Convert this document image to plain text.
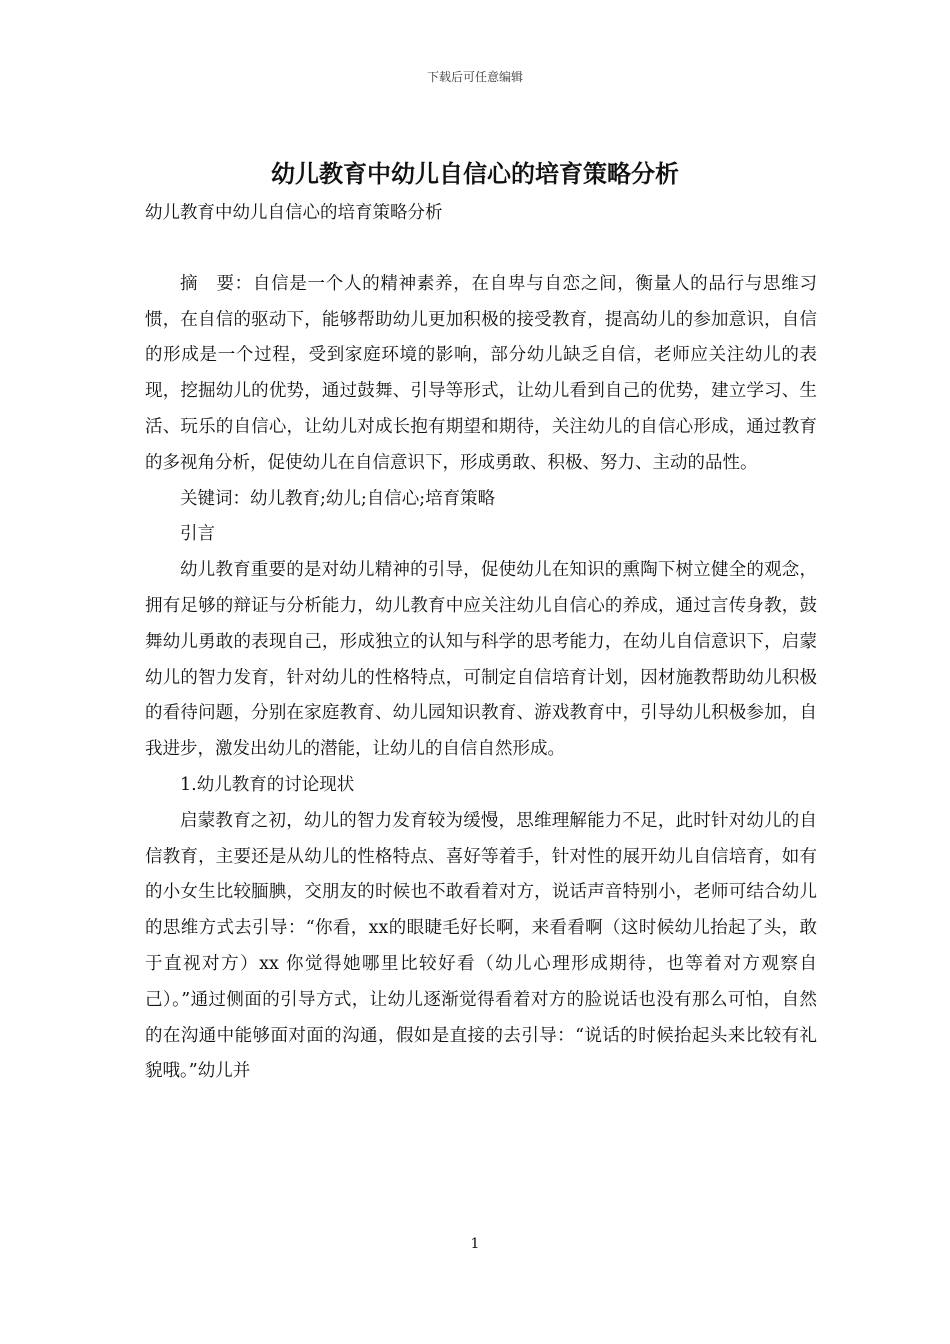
下载后可任意编辑
幼儿教育中幼儿自信心的培育策略分析

幼儿教育中幼儿自信心的培育策略分析

摘　要：自信是一个人的精神素养，在自卑与自恋之间，衡量人的品行与思维习惯，在自信的驱动下，能够帮助幼儿更加积极的接受教育，提高幼儿的参加意识，自信的形成是一个过程，受到家庭环境的影响，部分幼儿缺乏自信，老师应关注幼儿的表现，挖掘幼儿的优势，通过鼓舞、引导等形式，让幼儿看到自己的优势，建立学习、生活、玩乐的自信心，让幼儿对成长抱有期望和期待，关注幼儿的自信心形成，通过教育的多视角分析，促使幼儿在自信意识下，形成勇敢、积极、努力、主动的品性。

关键词：幼儿教育;幼儿;自信心;培育策略

引言

幼儿教育重要的是对幼儿精神的引导，促使幼儿在知识的熏陶下树立健全的观念，拥有足够的辩证与分析能力，幼儿教育中应关注幼儿自信心的养成，通过言传身教，鼓舞幼儿勇敢的表现自己，形成独立的认知与科学的思考能力，在幼儿自信意识下，启蒙幼儿的智力发育，针对幼儿的性格特点，可制定自信培育计划，因材施教帮助幼儿积极的看待问题，分别在家庭教育、幼儿园知识教育、游戏教育中，引导幼儿积极参加，自我进步，激发出幼儿的潜能，让幼儿的自信自然形成。

1.幼儿教育的讨论现状

启蒙教育之初，幼儿的智力发育较为缓慢，思维理解能力不足，此时针对幼儿的自信教育，主要还是从幼儿的性格特点、喜好等着手，针对性的展开幼儿自信培育，如有的小女生比较腼腆，交朋友的时候也不敢看着对方，说话声音特别小，老师可结合幼儿的思维方式去引导：“你看，xx的眼睫毛好长啊，来看看啊（这时候幼儿抬起了头，敢于直视对方）xx 你觉得她哪里比较好看（幼儿心理形成期待，也等着对方观察自己）。”通过侧面的引导方式，让幼儿逐渐觉得看着对方的脸说话也没有那么可怕，自然的在沟通中能够面对面的沟通，假如是直接的去引导：“说话的时候抬起头来比较有礼貌哦。”幼儿并

1
